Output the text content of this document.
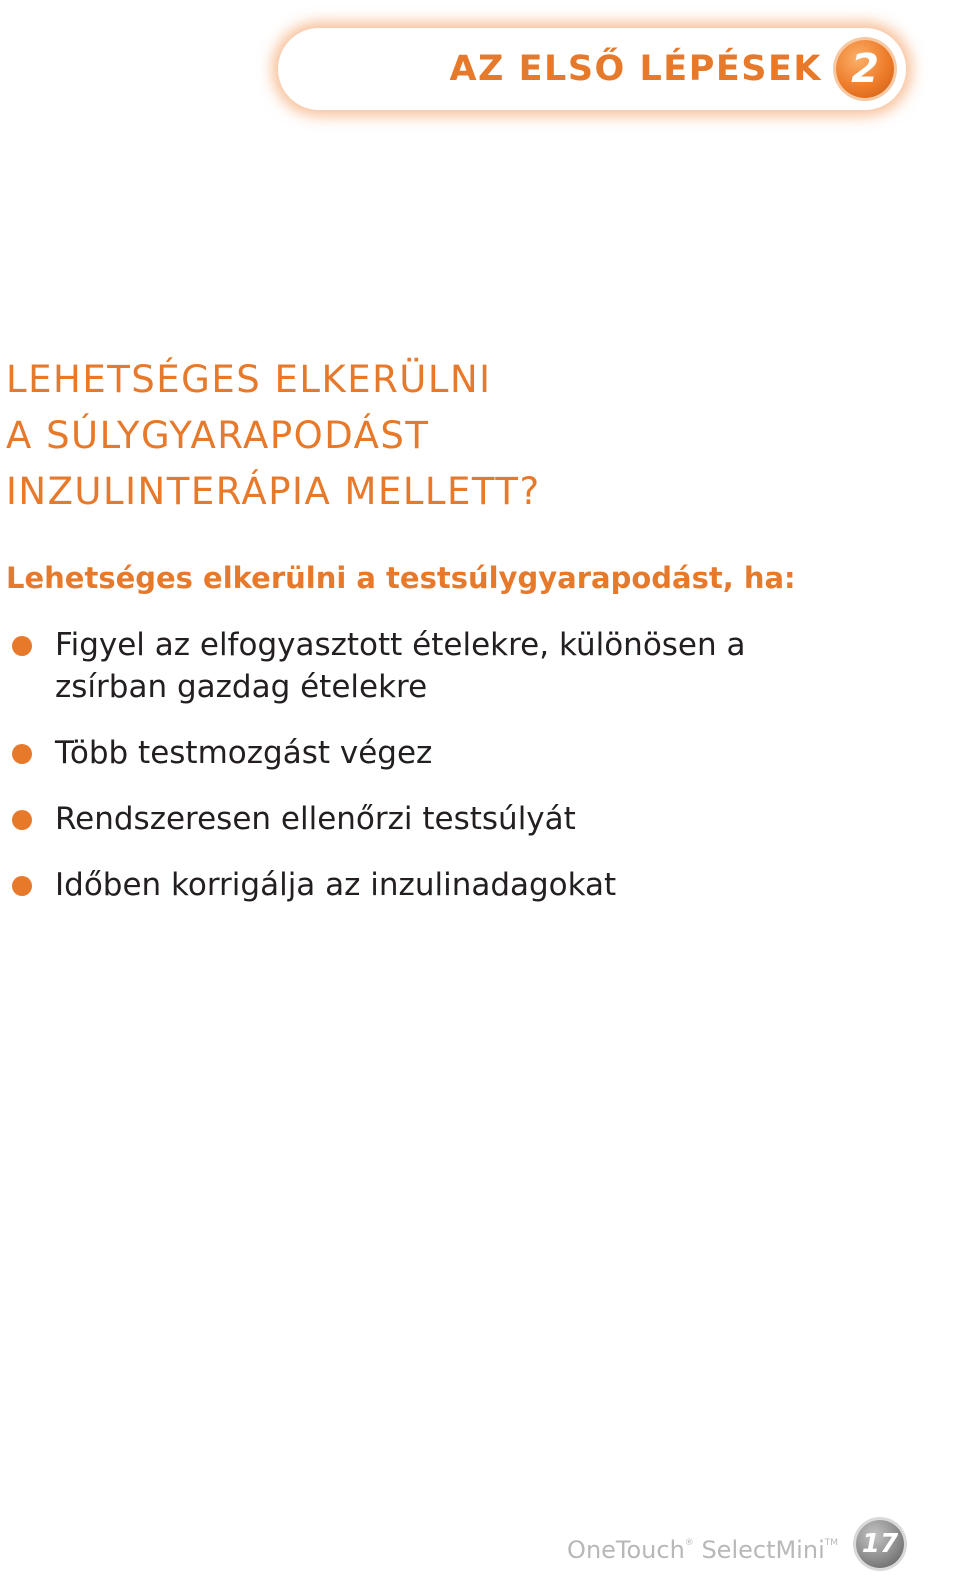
AZ ELSŐ LÉPÉSEK 2
LEHETSÉGES ELKERÜLNI
A SÚLYGYARAPODÁST
INZULINTERÁPIA MELLETT?

Lehetséges elkerülni a testsúlygyarapodást, ha:

Figyel az elfogyasztott ételekre, különösen a
zsírban gazdag ételekre
Több testmozgást végez
Rendszeresen ellenőrzi testsúlyát
Időben korrigálja az inzulinadagokat
OneTouch® SelectMini™ 17
